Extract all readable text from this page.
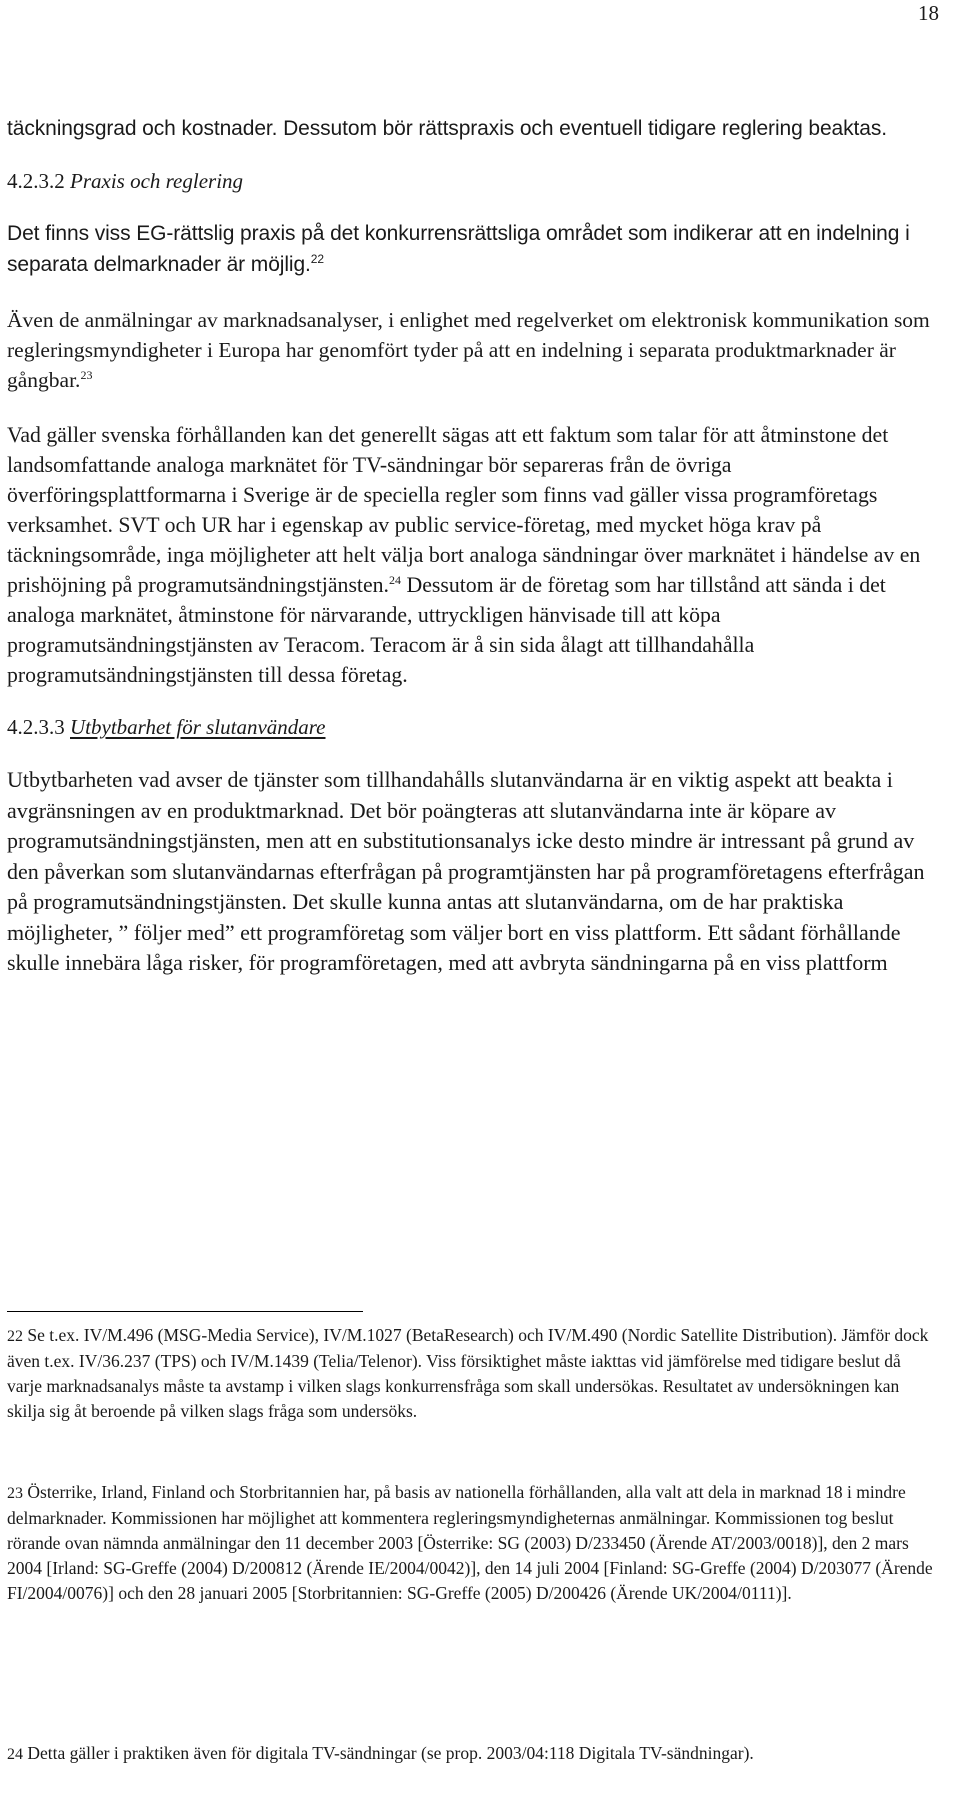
18

täckningsgrad och kostnader. Dessutom bör rättspraxis och eventuell tidigare reglering beaktas.

4.2.3.2 Praxis och reglering

Det finns viss EG-rättslig praxis på det konkurrensrättsliga området som indikerar att en indelning i separata delmarknader är möjlig.$^{22}$

Även de anmälningar av marknadsanalyser, i enlighet med regelverket om elektronisk kommunikation som regleringsmyndigheter i Europa har genomfört tyder på att en indelning i separata produktmarknader är gångbar.$^{23}$

Vad gäller svenska förhållanden kan det generellt sägas att ett faktum som talar för att åtminstone det landsomfattande analoga marknätet för TV-sändningar bör separeras från de övriga överföringsplattformarna i Sverige är de speciella regler som finns vad gäller vissa programföretags verksamhet. SVT och UR har i egenskap av public service-företag, med mycket höga krav på täckningsområde, inga möjligheter att helt välja bort analoga sändningar över marknätet i händelse av en prishöjning på programutsändningstjänsten.$^{24}$ Dessutom är de företag som har tillstånd att sända i det analoga marknätet, åtminstone för närvarande, uttryckligen hänvisade till att köpa programutsändningstjänsten av Teracom. Teracom är å sin sida ålagt att tillhandahålla programutsändningstjänsten till dessa företag.

4.2.3.3 Utbytbarhet för slutanvändare

Utbytbarheten vad avser de tjänster som tillhandahålls slutanvändarna är en viktig aspekt att beakta i avgränsningen av en produktmarknad. Det bör poängteras att slutanvändarna inte är köpare av programutsändningstjänsten, men att en substitutionsanalys icke desto mindre är intressant på grund av den påverkan som slutanvändarnas efterfrågan på programtjänsten har på programföretagens efterfrågan på programutsändningstjänsten. Det skulle kunna antas att slutanvändarna, om de har praktiska möjligheter, ” följer med” ett programföretag som väljer bort en viss plattform. Ett sådant förhållande skulle innebära låga risker, för programföretagen, med att avbryta sändningarna på en viss plattform

22 Se t.ex. IV/M.496 (MSG-Media Service), IV/M.1027 (BetaResearch) och IV/M.490 (Nordic Satellite Distribution). Jämför dock även t.ex. IV/36.237 (TPS) och IV/M.1439 (Telia/Telenor). Viss försiktighet måste iakttas vid jämförelse med tidigare beslut då varje marknadsanalys måste ta avstamp i vilken slags konkurrensfråga som skall undersökas. Resultatet av undersökningen kan skilja sig åt beroende på vilken slags fråga som undersöks.

23 Österrike, Irland, Finland och Storbritannien har, på basis av nationella förhållanden, alla valt att dela in marknad 18 i mindre delmarknader. Kommissionen har möjlighet att kommentera regleringsmyndigheternas anmälningar. Kommissionen tog beslut rörande ovan nämnda anmälningar den 11 december 2003 [Österrike: SG (2003) D/233450 (Ärende AT/2003/0018)], den 2 mars 2004 [Irland: SG-Greffe (2004) D/200812 (Ärende IE/2004/0042)], den 14 juli 2004 [Finland: SG-Greffe (2004) D/203077 (Ärende FI/2004/0076)] och den 28 januari 2005 [Storbritannien: SG-Greffe (2005) D/200426 (Ärende UK/2004/0111)].

24 Detta gäller i praktiken även för digitala TV-sändningar (se prop. 2003/04:118 Digitala TV-sändningar).
